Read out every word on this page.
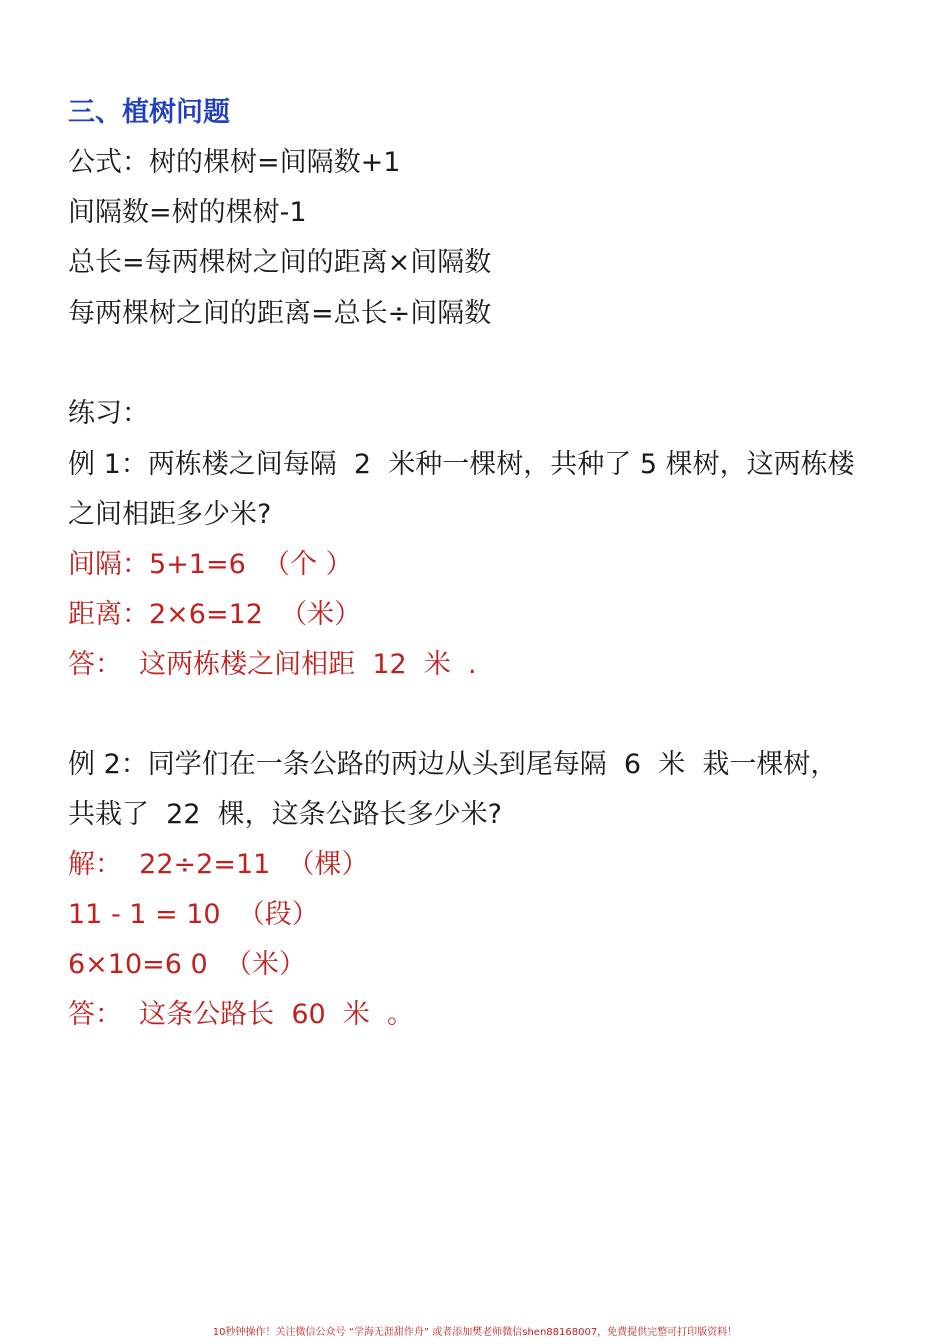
三、植树问题
公式：树的棵树=间隔数+1
间隔数=树的棵树-1
总长=每两棵树之间的距离×间隔数
每两棵树之间的距离=总长÷间隔数
练习：
例 1：两栋楼之间每隔  2  米种一棵树，共种了 5 棵树，这两栋楼
之间相距多少米?
间隔：5+1=6  （个 ）
距离：2×6=12  （米）
答：  这两栋楼之间相距  12  米  .
例 2：同学们在一条公路的两边从头到尾每隔  6  米  栽一棵树，
共栽了  22  棵，这条公路长多少米?
解：  22÷2=11  （棵）
11 - 1 = 10  （段）
6×10=6 0  （米）
答：  这条公路长  60  米  。
10秒钟操作！关注微信公众号 “学海无涯甜作舟” 或者添加樊老师微信shen88168007，免费提供完整可打印版资料！
